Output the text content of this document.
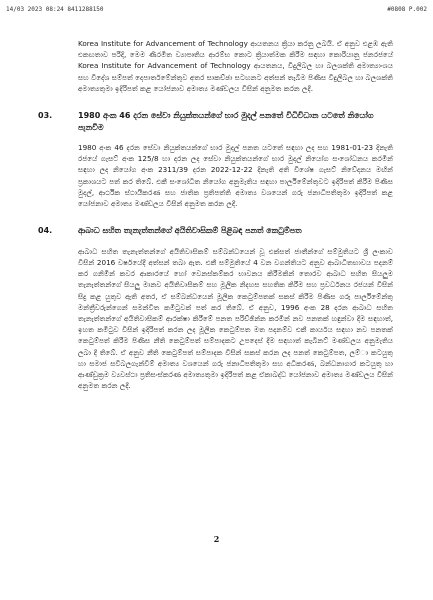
14/03 2023 08:24 8411288150	#0808 P.002

Korea Institute for Advancement of Technology ආයතනය ක්‍රියා කරනු ලබයි. ඒ අනුව එළඹ ඇති එකඟතාව පරිදි, මෙම ණිරමිත ව්‍යාපෘතිය ආරම්භ කොට ක්‍රියාත්මක කිරීම සඳහා කොරියානු ජනරජයේ Korea Institute for Advancement of Technology ආයතනය, විදුලිබල හා බලශක්ති අමාත්‍යාංශය සහ විදේශ සම්පත් දෙපාර්තමේන්තුව අතර සාකච්ඡා සටහනට අත්සන් තැබීම පිණිස විදුලිබල හා බලශක්ති අමාත්‍යතුමා ඉදිරිපත් කළ යෝජනාව අමාත්‍ය මණ්ඩලය විසින් අනුමත කරන ලදී.

03.	1980 අංක 46 දරන සේවා නියුක්තයන්ගේ භාර මුදල් පනතේ විධිවිධාන යටතේ නියෝග පැනවීම

1980 අංක 46 දරන සේවා නියුක්තයන්ගේ භාර මුදල් පනත යටතේ සඳහා ලද සහ 1981-01-23 දිනැති රජයේ ගැසට් අංක 125/8 හා දරන ලද සේවා නියුක්තයන්ගේ භාර මුදල් නියෝග සංශෝධනය කරමින් සඳහා ලද නියෝග අංක 2311/39 දරන 2022-12-22 දිනැති අති විශේෂ ගැසට් නිවේදනය මඟින් ප්‍රකාශයට පත් කර තිබේ. එකී සංශෝධිත නියෝග අනුමැතිය සඳහා පාර්ලිමේන්තුවට ඉදිරිපත් කිරීම පිණිස මුදල්, ආර්ථික ස්ථායීකරණ සහ ජාතික ප්‍රතිපත්ති අමාත්‍ය වශයෙන් ගරු ජනාධිපතිතුමා ඉදිරිපත් කළ යෝජනාව අමාත්‍ය මණ්ඩලය විසින් අනුමත කරන ලදී.

04.	ආබාධ සහිත තැනැත්තන්ගේ අයිතිවාසිකම් පිළිබඳ පනත් කෙටුම්පත

ආබාධ සහිත තැනැත්තන්ගේ අයිතිවාසිකම් සම්බන්ධයෙන් වූ එක්සත් ජාතීන්ගේ සම්මුතියට ශ්‍රී ලංකාව විසින් 2016 වර්ෂයේදී අත්සන් තබා ඇත. එකී සම්මුතියේ 4 වන වගන්තියට අනුව ආබාධිතභාවය පදනම් කර ගනිමින් කවර ආකාරයේ හෝ වෙනස්කම්කර භාවනය කිරීමකින් තොරව ආබාධ සහිත සියලුම තැනැත්තන්ගේ සියලු මානව අයිතිවාසිකම් සහ මූලික නිදහස සහතික කිරීම සහ ප්‍රවර්ධනය රජයන් විසින් සිදු කළ යුතුව ඇති අතර, ඒ සම්බන්ධයෙන් මූලික කෙටුම්පතක් සකස් කිරීම පිණිස ගරු පාර්ලිමේන්තු මන්ත්‍රීවරුන්ගෙන් සමන්විත කමිටුවක් පත් කර තිබේ. ඒ අනුව, 1996 අංක 28 දරන ආබාධ සහිත තැනැත්තන්ගේ අයිතිවාසිකම් ආරක්ෂා කිරීමේ පනත පරිච්ඡින්න කරමින් නව පනතක් හඳුන්වා දීම සඳහාත්, ඉහත කමිටුව විසින් ඉදිරිපත් කරන ලද මූලික කෙටුම්පත මත පදනම්ව එකී කාර්යය සඳහා නව පනතක් කෙටුම්පත් කිරීම පිණිස නීති කෙටුම්පත් සම්පාදකට උපදෙස් දීම සඳහාත් කැබිනට් මණ්ඩලය අනුමැතිය ලබා දී තිබේ. ඒ අනුව නීති කෙටුම්පත් සම්පාදක විසින් සකස් කරන ලද පනත් කෙටුම්පත, ලම්ා කටයුතු හා සමාජ සවිබලගැන්වීම් අමාත්‍ය වශයෙන් ගරු ජනාධිපතිතුමා සහ අධිකරණ, බන්ධනාගාර කටයුතු හා ආණ්ඩුක්‍රම ව්‍යවස්ථා ප්‍රතිසංස්කරණ අමාත්‍යතුමා ඉදිරිපත් කළ ඒකාබද්ධ යෝජනාව අමාත්‍ය මණ්ඩලය විසින් අනුමත කරන ලදී.

2
